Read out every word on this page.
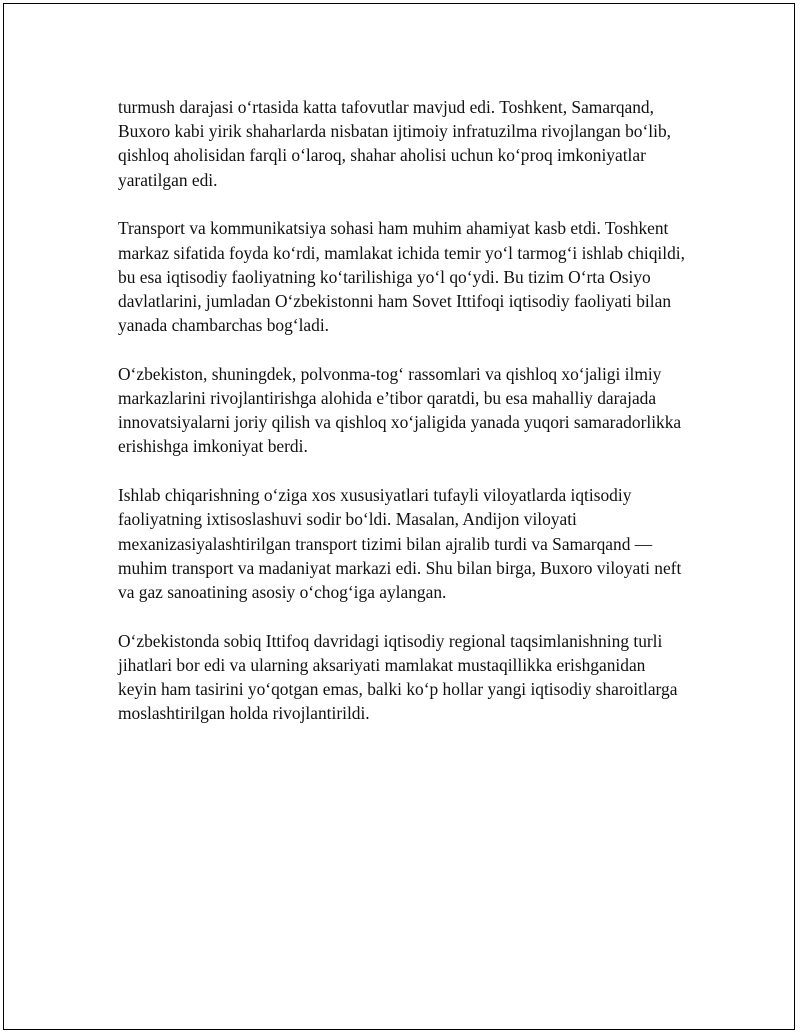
turmush darajasi o‘rtasida katta tafovutlar mavjud edi. Toshkent, Samarqand, Buxoro kabi yirik shaharlarda nisbatan ijtimoiy infratuzilma rivojlangan bo‘lib, qishloq aholisidan farqli o‘laroq, shahar aholisi uchun ko‘proq imkoniyatlar yaratilgan edi.

Transport va kommunikatsiya sohasi ham muhim ahamiyat kasb etdi. Toshkent markaz sifatida foyda ko‘rdi, mamlakat ichida temir yo‘l tarmog‘i ishlab chiqildi, bu esa iqtisodiy faoliyatning ko‘tarilishiga yo‘l qo‘ydi. Bu tizim O‘rta Osiyo davlatlarini, jumladan O‘zbekistonni ham Sovet Ittifoqi iqtisodiy faoliyati bilan yanada chambarchas bog‘ladi.

O‘zbekiston, shuningdek, polvonma-tog‘ rassomlari va qishloq xo‘jaligi ilmiy markazlarini rivojlantirishga alohida e’tibor qaratdi, bu esa mahalliy darajada innovatsiyalarni joriy qilish va qishloq xo‘jaligida yanada yuqori samaradorlikka erishishga imkoniyat berdi.

Ishlab chiqarishning o‘ziga xos xususiyatlari tufayli viloyatlarda iqtisodiy faoliyatning ixtisoslashuvi sodir bo‘ldi. Masalan, Andijon viloyati mexanizasiyalashtirilgan transport tizimi bilan ajralib turdi va Samarqand — muhim transport va madaniyat markazi edi. Shu bilan birga, Buxoro viloyati neft va gaz sanoatining asosiy o‘chog‘iga aylangan.

O‘zbekistonda sobiq Ittifoq davridagi iqtisodiy regional taqsimlanishning turli jihatlari bor edi va ularning aksariyati mamlakat mustaqillikka erishganidan keyin ham tasirini yo‘qotgan emas, balki ko‘p hollar yangi iqtisodiy sharoitlarga moslashtirilgan holda rivojlantirildi.
